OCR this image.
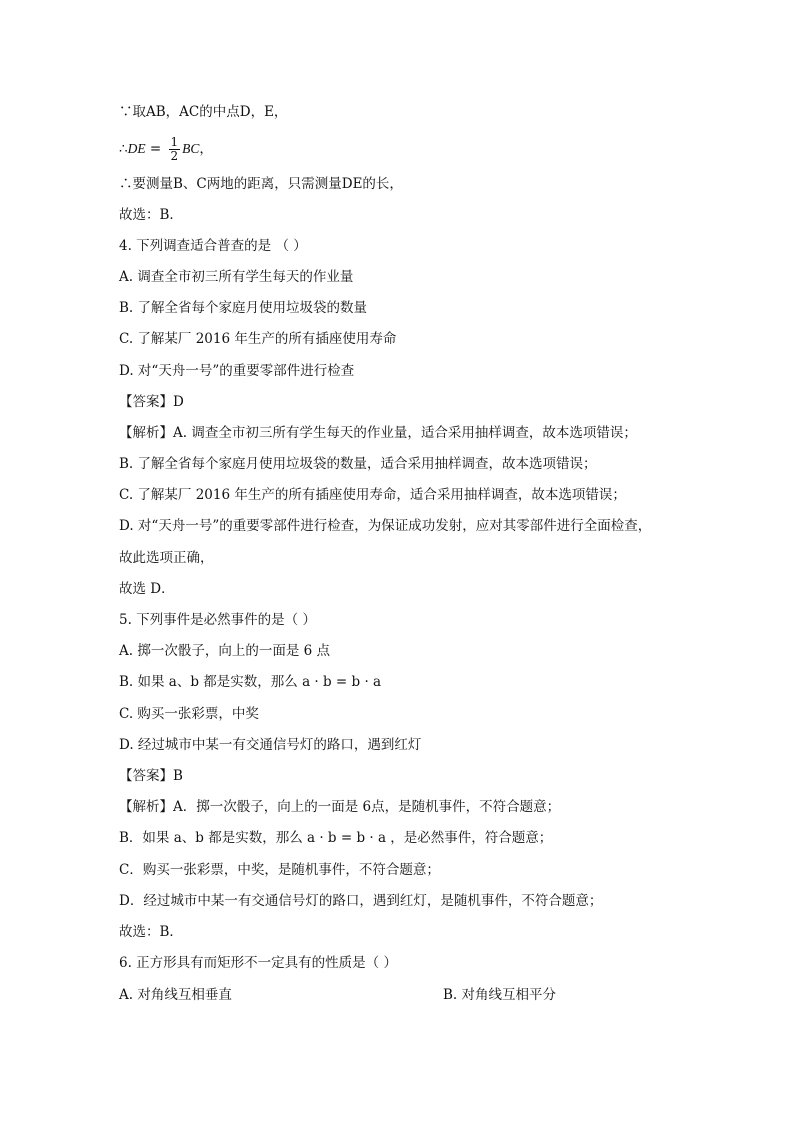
∵取AB，AC的中点D，E，
∴DE = $\frac{1}{2}$ BC，
∴要测量B、C两地的距离，只需测量DE的长，
故选：B．
4. 下列调查适合普查的是 （ ）
A. 调查全市初三所有学生每天的作业量
B. 了解全省每个家庭月使用垃圾袋的数量
C. 了解某厂 2016 年生产的所有插座使用寿命
D. 对“天舟一号”的重要零部件进行检查
【答案】D
【解析】A. 调查全市初三所有学生每天的作业量，适合采用抽样调查，故本选项错误；
B. 了解全省每个家庭月使用垃圾袋的数量，适合采用抽样调查，故本选项错误；
C. 了解某厂 2016 年生产的所有插座使用寿命，适合采用抽样调查，故本选项错误；
D. 对“天舟一号”的重要零部件进行检查，为保证成功发射，应对其零部件进行全面检查，
故此选项正确，
故选 D．
5. 下列事件是必然事件的是（ ）
A. 掷一次骰子，向上的一面是 6 点
B. 如果 a、b 都是实数，那么 a · b = b · a
C. 购买一张彩票，中奖
D. 经过城市中某一有交通信号灯的路口，遇到红灯
【答案】B
【解析】A．掷一次骰子，向上的一面是 6点，是随机事件，不符合题意；
B．如果 a、b 都是实数，那么 a · b = b · a ，是必然事件，符合题意；
C．购买一张彩票，中奖，是随机事件，不符合题意；
D．经过城市中某一有交通信号灯的路口，遇到红灯，是随机事件，不符合题意；
故选：B．
6. 正方形具有而矩形不一定具有的性质是（ ）
A. 对角线互相垂直	B. 对角线互相平分
